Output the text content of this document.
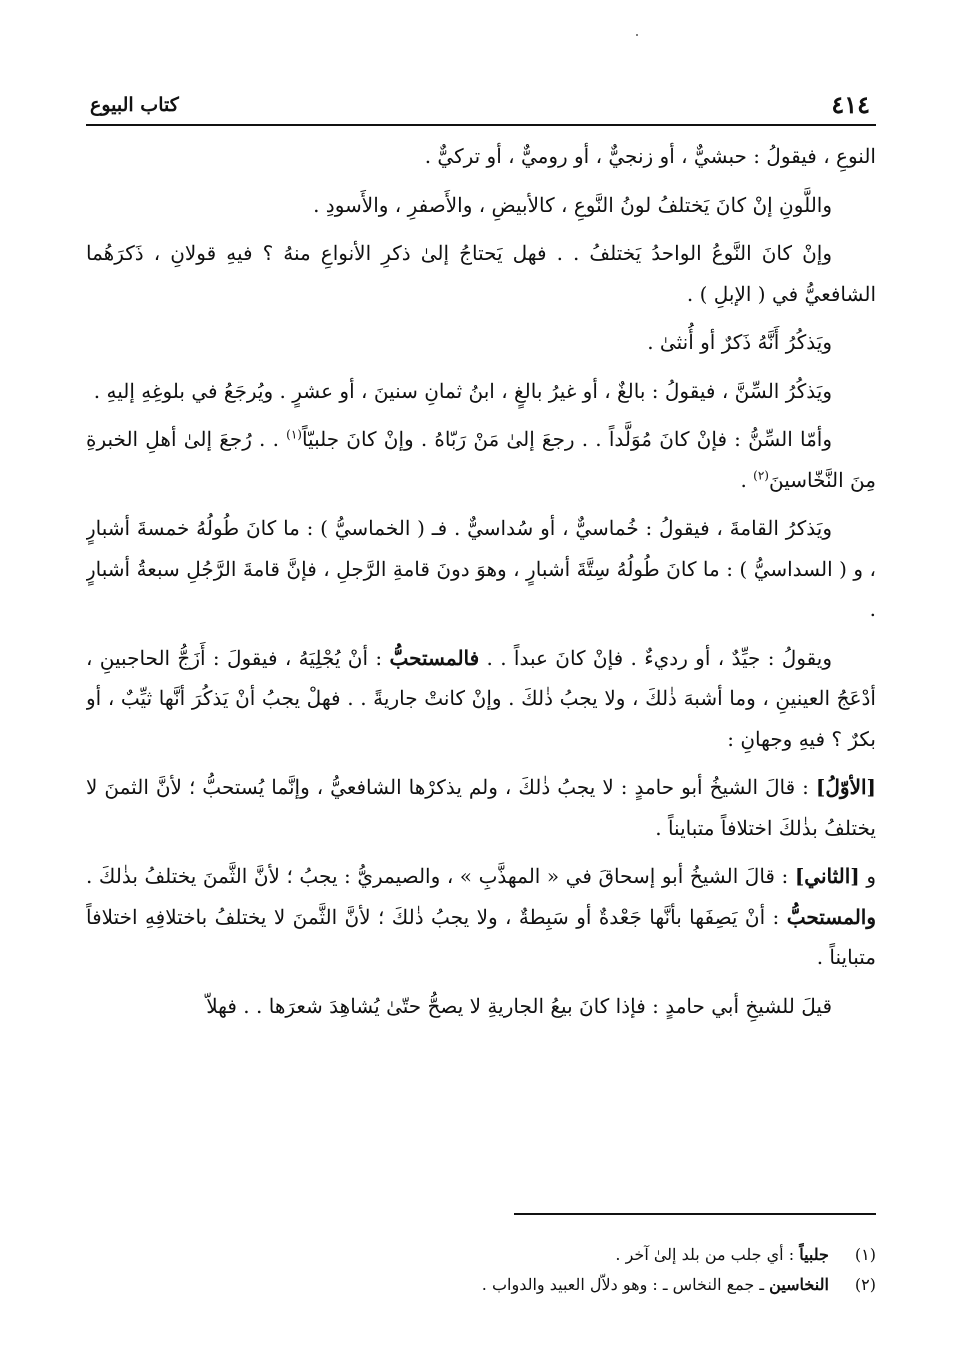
٤١٤
كتاب البيوع

النوعِ ، فيقولُ : حبشيٌّ ، أو زنجيٌّ ، أو روميٌّ ، أو تركيٌّ .

واللَّونِ إنْ كانَ يَختلفُ لونُ النَّوعِ ، كالأبيضِ ، والأَصفرِ ، والأَسودِ .

وإنْ كانَ النَّوعُ الواحدُ يَختلفُ . . فهل يَحتاجُ إلىٰ ذكرِ الأنواعِ منهُ ؟ فيهِ قولانِ ، ذَكرَهُما الشافعيُّ في ( الإبلِ ) .

ويَذكُرُ أَنَّهُ ذَكرٌ أو أُنثىٰ .

ويَذكُرُ السِّنَّ ، فيقولُ : بالغٌ ، أو غيرُ بالغٍ ، ابنُ ثمانِ سنينَ ، أو عشرٍ . ويُرجَعُ في بلوغِهِ إليهِ .

وأمّا السِّنُّ : فإنْ كانَ مُوَلَّداً . . رجعَ إلىٰ مَنْ رَبّاهُ . وإنْ كانَ جلبيّاً$^{(١)}$ . . رُجعَ إلىٰ أهلِ الخبرةِ مِنَ النَّخّاسينَ$^{(٢)}$ .

ويَذكرُ القامةَ ، فيقولُ : خُماسيٌّ ، أو سُداسيٌّ . فـ ( الخماسيُّ ) : ما كانَ طُولُهُ خمسةَ أشبارٍ ، و ( السداسيُّ ) : ما كانَ طُولُهُ سِتَّةَ أشبارٍ ، وهوَ دونَ قامةِ الرَّجلِ ، فإنَّ قامةَ الرَّجُلِ سبعةُ أشبارٍ .

ويقولُ : جيِّدٌ ، أو رديءٌ . فإنْ كانَ عبداً . . فالمستحبُّ : أنْ يُجْلِيَهُ ، فيقولَ : أَزَجُّ الحاجبينِ ، أدْعَجُ العينينِ ، وما أشبهَ ذٰلكَ ، ولا يجبُ ذٰلكَ . وإنْ كانتْ جاريةً . . فهلْ يجبُ أنْ يَذكُرَ أنَّها ثيِّبٌ ، أو بكرٌ ؟ فيهِ وجهانِ :

[الأوّلُ] : قالَ الشيخُ أبو حامدٍ : لا يجبُ ذٰلكَ ، ولم يذكرْها الشافعيُّ ، وإنَّما يُستحبُّ ؛ لأنَّ الثمنَ لا يختلفُ بذٰلكَ اختلافاً متبايناً .

و [الثاني] : قالَ الشيخُ أبو إسحاقَ في « المهذَّبِ » ، والصيمريُّ : يجبُ ؛ لأنَّ الثَّمنَ يختلفُ بذٰلكَ . والمستحبُّ : أنْ يَصِفَها بأنَّها جَعْدةٌ أو سَبِطةٌ ، ولا يجبُ ذٰلكَ ؛ لأنَّ الثَّمنَ لا يختلفُ باختلافِهِ اختلافاً متبايناً .

قيلَ للشيخِ أبي حامدٍ : فإذا كانَ بيعُ الجاريةِ لا يصحُّ حتّىٰ يُشاهِدَ شعرَها . . فهلاّ

(١) جلبياً : أي جلب من بلد إلىٰ آخر .

(٢) النخاسين ـ جمع النخاس ـ : وهو دلاّل العبيد والدواب .
